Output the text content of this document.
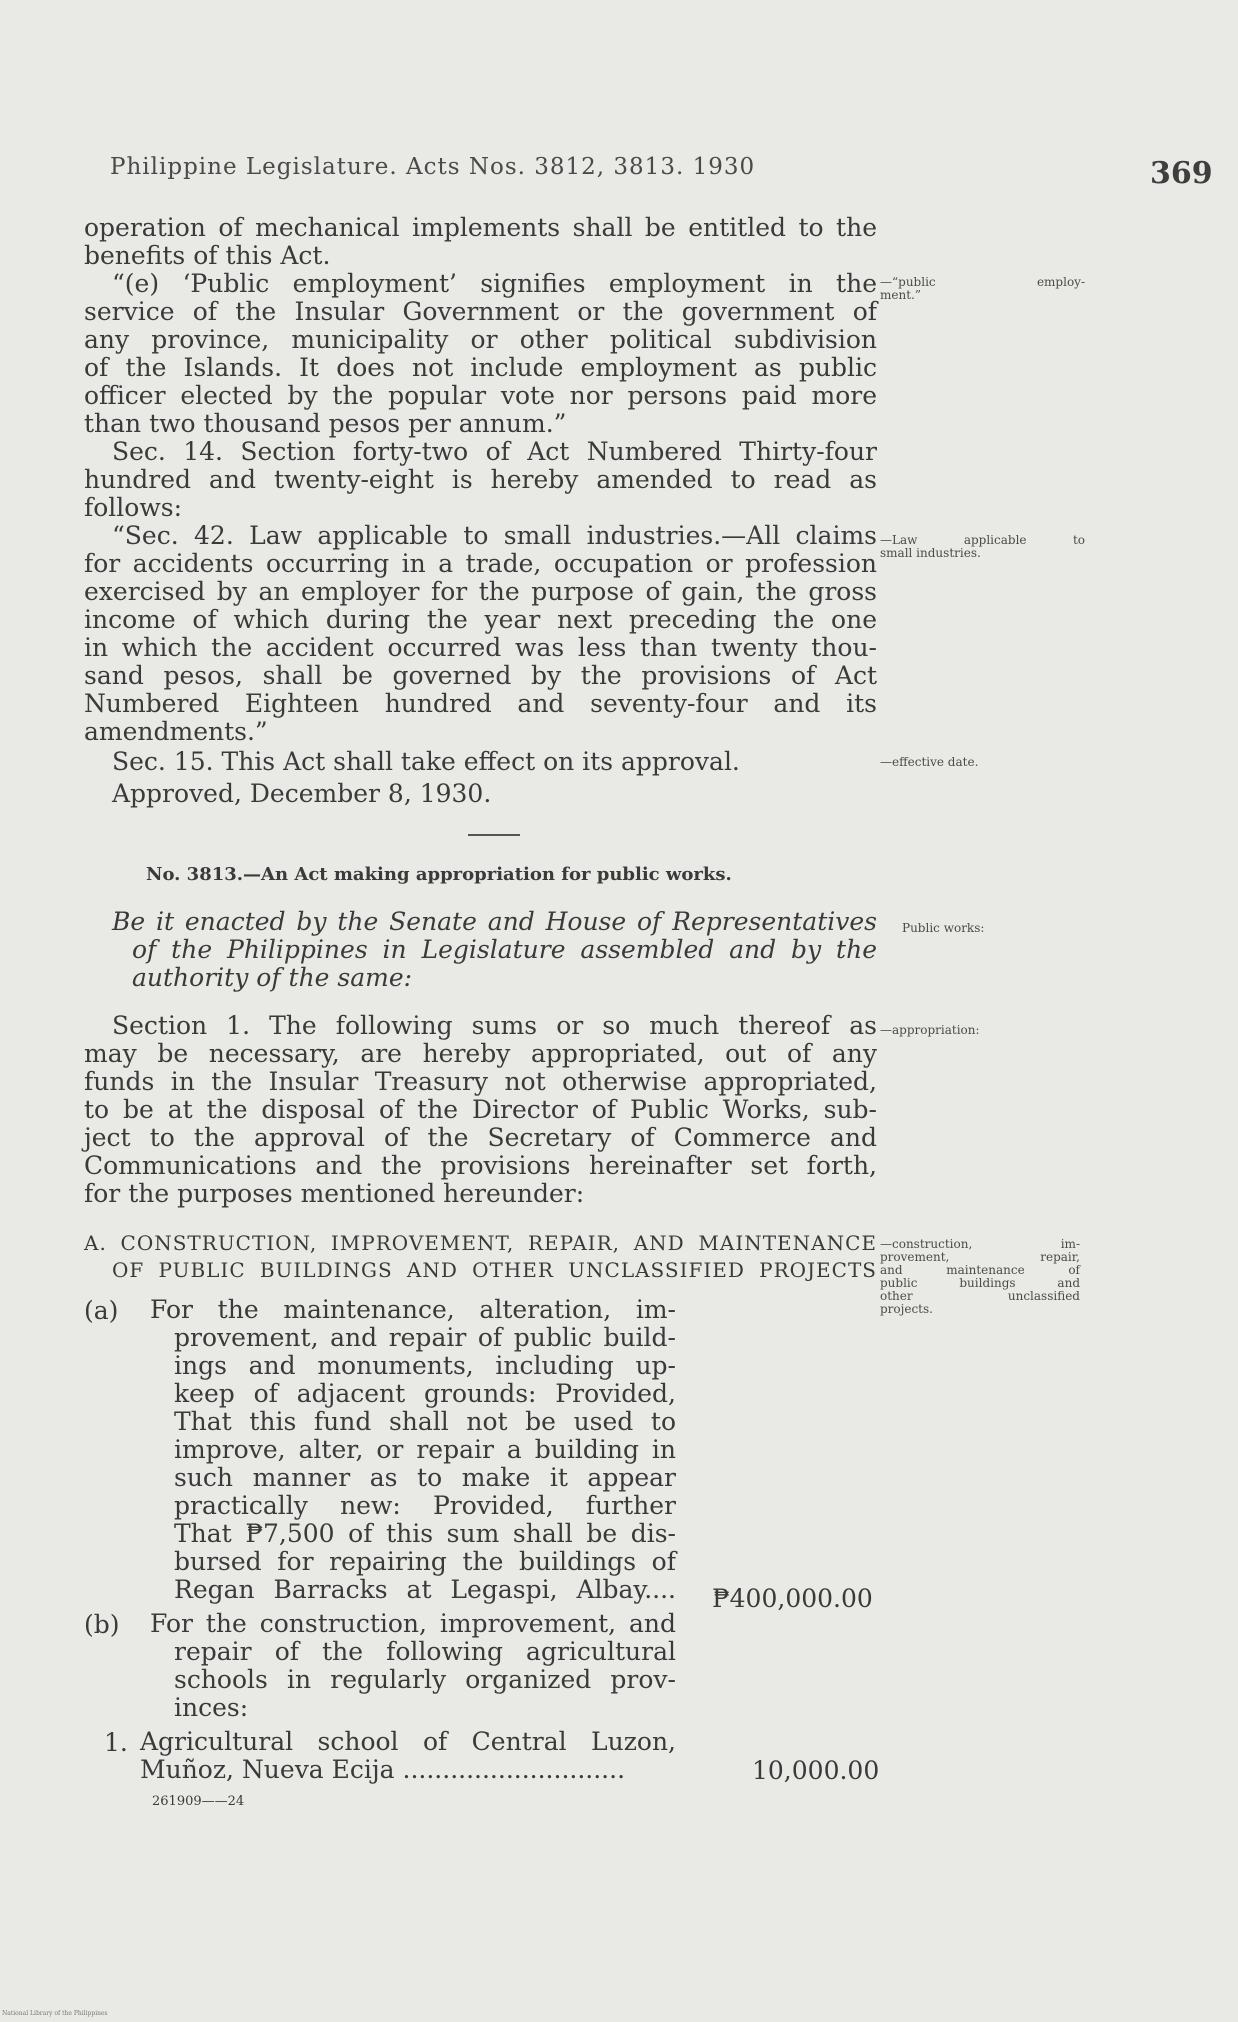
Philippine Legislature. Acts Nos. 3812, 3813. 1930	369
operation of mechanical implements shall be entitled to the
benefits of this Act.
“(e) ‘Public employment’ signifies employment in the
service of the Insular Government or the government of
any province, municipality or other political subdivision
of the Islands. It does not include employment as public
officer elected by the popular vote nor persons paid more
than two thousand pesos per annum.”
Sec. 14. Section forty-two of Act Numbered Thirty-four
hundred and twenty-eight is hereby amended to read as
follows:
“Sec. 42. Law applicable to small industries.—All claims
for accidents occurring in a trade, occupation or profession
exercised by an employer for the purpose of gain, the gross
income of which during the year next preceding the one
in which the accident occurred was less than twenty thou-
sand pesos, shall be governed by the provisions of Act
Numbered Eighteen hundred and seventy-four and its
amendments.”
Sec. 15. This Act shall take effect on its approval.
Approved, December 8, 1930.
No. 3813.—An Act making appropriation for public works.
Be it enacted by the Senate and House of Representatives
of the Philippines in Legislature assembled and by the
authority of the same:
Section 1. The following sums or so much thereof as
may be necessary, are hereby appropriated, out of any
funds in the Insular Treasury not otherwise appropriated,
to be at the disposal of the Director of Public Works, sub-
ject to the approval of the Secretary of Commerce and
Communications and the provisions hereinafter set forth,
for the purposes mentioned hereunder:
A. CONSTRUCTION, IMPROVEMENT, REPAIR, AND MAINTENANCE
OF PUBLIC BUILDINGS AND OTHER UNCLASSIFIED PROJECTS
(a) For the maintenance, alteration, im-
provement, and repair of public build-
ings and monuments, including up-
keep of adjacent grounds: Provided,
That this fund shall not be used to
improve, alter, or repair a building in
such manner as to make it appear
practically new: Provided, further
That ₱7,500 of this sum shall be dis-
bursed for repairing the buildings of
Regan Barracks at Legaspi, Albay.... ₱400,000.00
(b) For the construction, improvement, and
repair of the following agricultural
schools in regularly organized prov-
inces:
1. Agricultural school of Central Luzon,
Muñoz, Nueva Ecija ............................	10,000.00
261909——24
—“public employ-
ment.”
—Law applicable to
small industries.
—effective date.
Public works:
—appropriation:
—construction, im-
provement, repair,
and maintenance of
public buildings and
other unclassified
projects.
National Library of the Philippines
